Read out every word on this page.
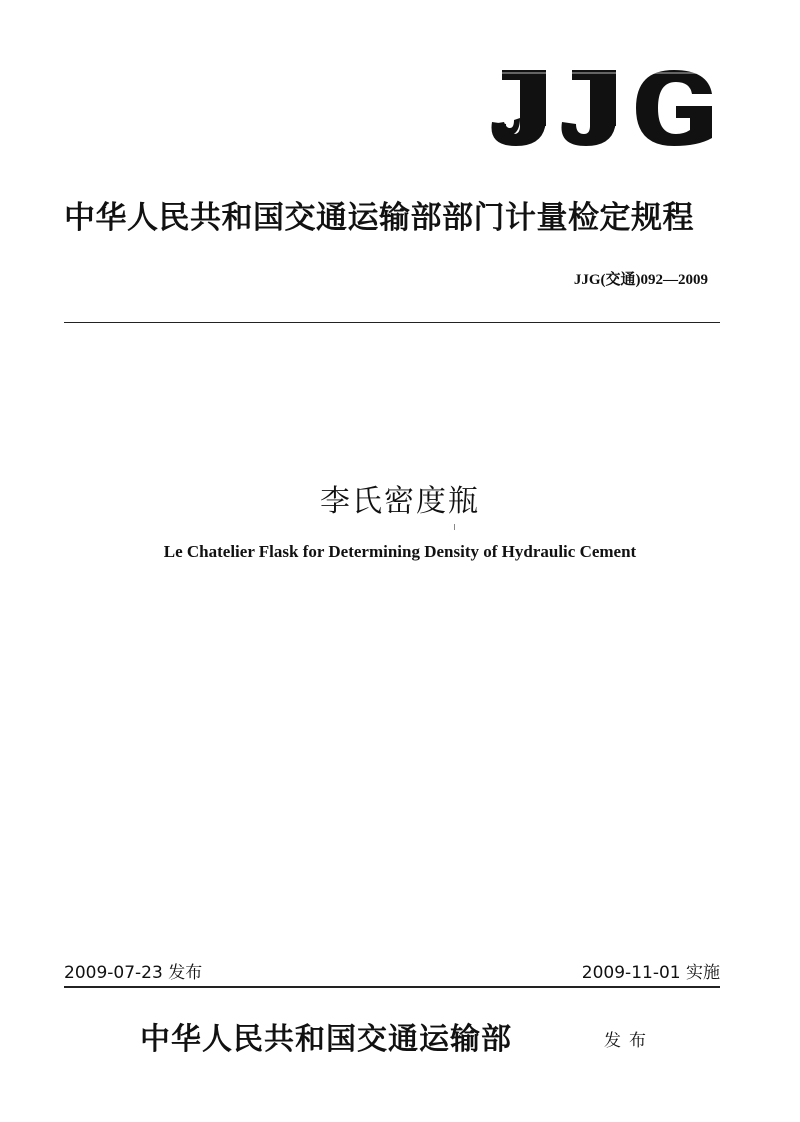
中华人民共和国交通运输部部门计量检定规程
JJG(交通)092—2009
李氏密度瓶
Le Chatelier Flask for Determining Density of Hydraulic Cement
2009-07-23 发布	2009-11-01 实施
中华人民共和国交通运输部	发布
